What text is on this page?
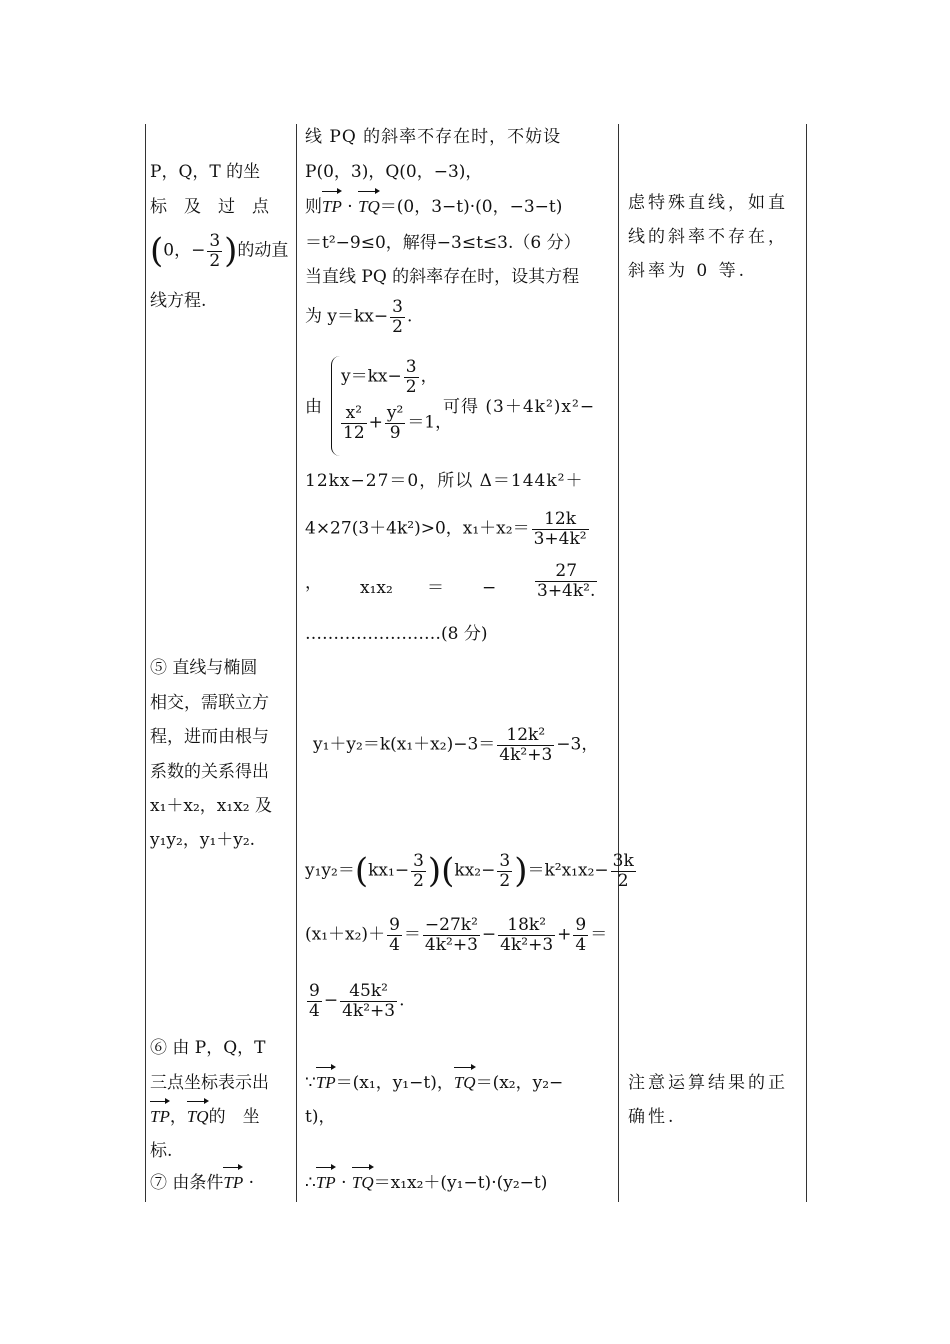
P，Q，T 的坐
标　及　过　点
(0，− $\frac{3}{2}$ )的动直
线方程.
⑤ 直线与椭圆
相交，需联立方
程，进而由根与
系数的关系得出
x₁＋x₂，x₁x₂ 及
y₁y₂，y₁＋y₂.
⑥ 由 P，Q，T
三点坐标表示出
TP，TQ的　坐
标.
⑦ 由条件TP ·
线 PQ 的斜率不存在时，不妨设
P(0，3)，Q(0，−3)，
则TP · TQ＝(0，3−t)·(0，−3−t)
＝t²−9≤0，解得−3≤t≤3.（6 分）
当直线 PQ 的斜率存在时，设其方程
为 $y=kx- \frac{3}{2}$ .
由
$y=kx- \frac{3}{2}$ ，
$\frac{\text{x²}}{12} + \frac{\text{y²}}{9} =1$，
可得 (3＋4k²)x²−
12kx−27＝0，所以 Δ＝144k²＋
4×27(3＋4k²)>0，$x_1+x_2= \frac{12k}{\text{3+4k²}}$
， x₁x₂ ＝ − $\frac{27}{\text{3+4k².}}$
……………………(8 分)
$y_1+y_2=k(x_1+x_2)-3= \frac{\text{12k²}}{\text{4k²+3}} -3$，
$y_1y_2=(kx_1- \frac{3}{2} )(kx_2- \frac{3}{2} )=k^2x_1x_2- \frac{3k}{2}$
$(x_1+x_2)+ \frac{9}{4} = \frac{\text{−27k²}}{\text{4k²+3}} - \frac{\text{18k²}}{\text{4k²+3}} + \frac{9}{4}$ ＝
$\frac{9}{4} - \frac{\text{45k²}}{\text{4k²+3}}$ .
∵TP＝(x₁，y₁−t)，TQ＝(x₂，y₂−
t)，
∴TP · TQ＝x₁x₂＋(y₁−t)·(y₂−t)
虑特殊直线，如直
线的斜率不存在，
斜率为 0 等.
注意运算结果的正
确性.
